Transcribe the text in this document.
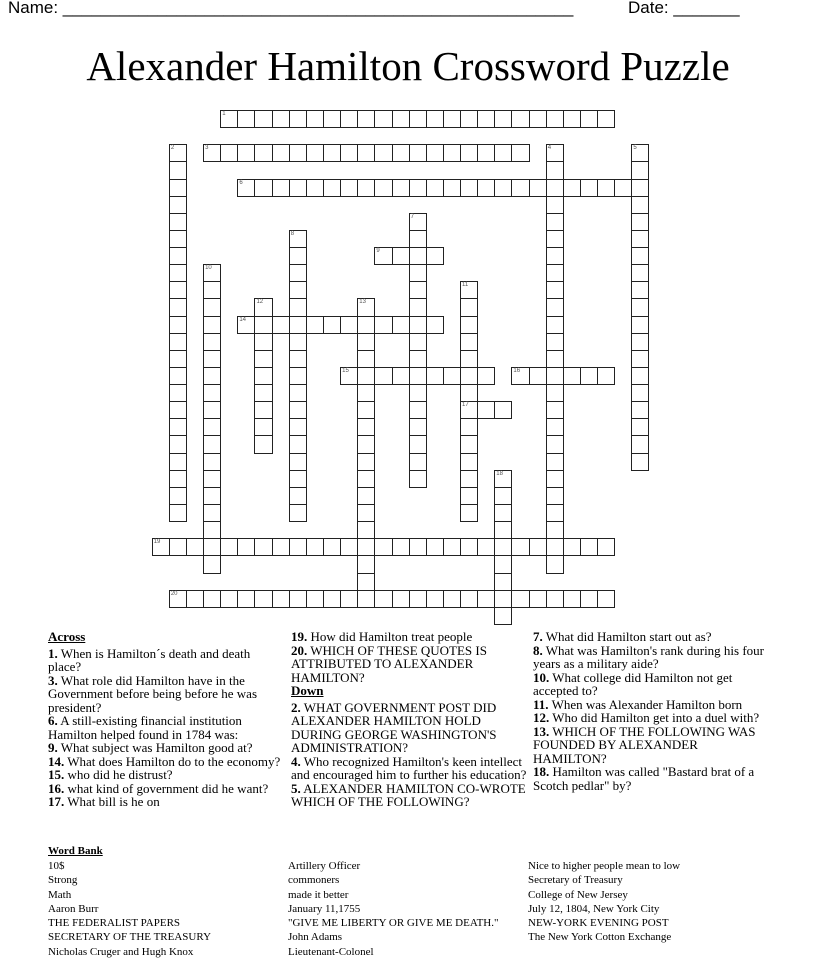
Name: ______________________________________________________	Date: _______
Alexander Hamilton Crossword Puzzle
1
2	3	4	5
6
7
8
9
10
11
17
12	13
14
15	16
18
19
20
Across
1. When is Hamilton´s death and death place?
3. What role did Hamilton have in the Government before being before he was president?
6. A still-existing financial institution Hamilton helped found in 1784 was:
9. What subject was Hamilton good at?
14. What does Hamilton do to the economy?
15. who did he distrust?
16. what kind of government did he want?
17. What bill is he on
19. How did Hamilton treat people
20. WHICH OF THESE QUOTES IS ATTRIBUTED TO ALEXANDER HAMILTON?
Down
2. WHAT GOVERNMENT POST DID ALEXANDER HAMILTON HOLD DURING GEORGE WASHINGTON'S ADMINISTRATION?
4. Who recognized Hamilton's keen intellect and encouraged him to further his education?
5. ALEXANDER HAMILTON CO-WROTE WHICH OF THE FOLLOWING?
7. What did Hamilton start out as?
8. What was Hamilton's rank during his four years as a military aide?
10. What college did Hamilton not get accepted to?
11. When was Alexander Hamilton born
12. Who did Hamilton get into a duel with?
13. WHICH OF THE FOLLOWING WAS FOUNDED BY ALEXANDER HAMILTON?
18. Hamilton was called "Bastard brat of a Scotch pedlar" by?
Word Bank
10$
Strong
Math
Aaron Burr
THE FEDERALIST PAPERS
SECRETARY OF THE TREASURY
Nicholas Cruger and Hugh Knox
Artillery Officer
commoners
made it better
January 11,1755
"GIVE ME LIBERTY OR GIVE ME DEATH."
John Adams
Lieutenant-Colonel
Nice to higher people mean to low
Secretary of Treasury
College of New Jersey
July 12, 1804, New York City
NEW-YORK EVENING POST
The New York Cotton Exchange
